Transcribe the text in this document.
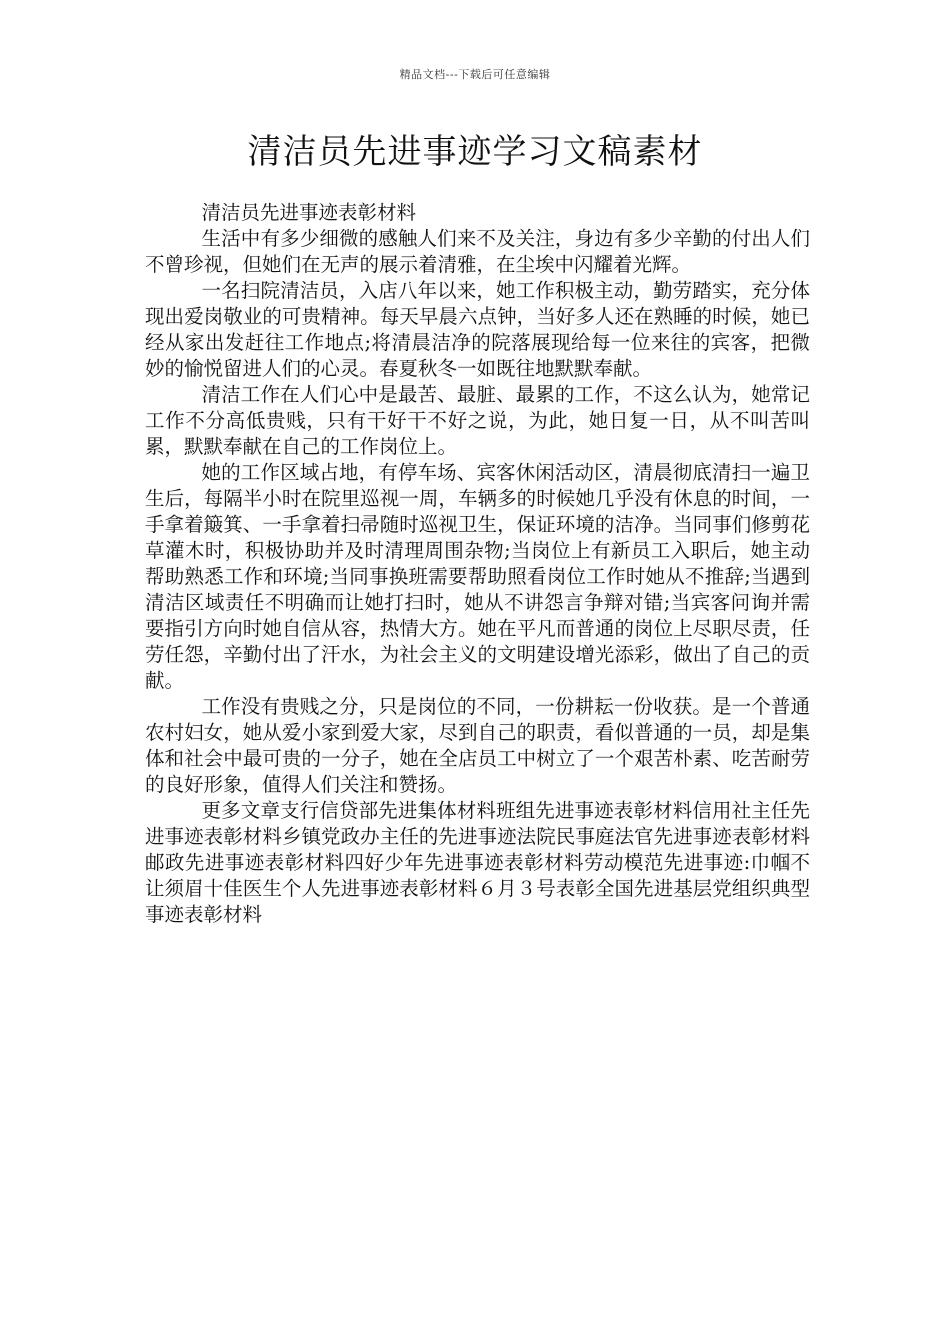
精品文档---下载后可任意编辑
清洁员先进事迹学习文稿素材

清洁员先进事迹表彰材料

生活中有多少细微的感触人们来不及关注，身边有多少辛勤的付出人们不曾珍视，但她们在无声的展示着清雅，在尘埃中闪耀着光辉。

一名扫院清洁员，入店八年以来，她工作积极主动，勤劳踏实，充分体现出爱岗敬业的可贵精神。每天早晨六点钟，当好多人还在熟睡的时候，她已经从家出发赶往工作地点;将清晨洁净的院落展现给每一位来往的宾客，把微妙的愉悦留进人们的心灵。春夏秋冬一如既往地默默奉献。

清洁工作在人们心中是最苦、最脏、最累的工作，不这么认为，她常记工作不分高低贵贱，只有干好干不好之说，为此，她日复一日，从不叫苦叫累，默默奉献在自己的工作岗位上。

她的工作区域占地，有停车场、宾客休闲活动区，清晨彻底清扫一遍卫生后，每隔半小时在院里巡视一周，车辆多的时候她几乎没有休息的时间，一手拿着簸箕、一手拿着扫帚随时巡视卫生，保证环境的洁净。当同事们修剪花草灌木时，积极协助并及时清理周围杂物;当岗位上有新员工入职后，她主动帮助熟悉工作和环境;当同事换班需要帮助照看岗位工作时她从不推辞;当遇到清洁区域责任不明确而让她打扫时，她从不讲怨言争辩对错;当宾客问询并需要指引方向时她自信从容，热情大方。她在平凡而普通的岗位上尽职尽责，任劳任怨，辛勤付出了汗水，为社会主义的文明建设增光添彩，做出了自己的贡献。

工作没有贵贱之分，只是岗位的不同，一份耕耘一份收获。是一个普通农村妇女，她从爱小家到爱大家，尽到自己的职责，看似普通的一员，却是集体和社会中最可贵的一分子，她在全店员工中树立了一个艰苦朴素、吃苦耐劳的良好形象，值得人们关注和赞扬。

更多文章支行信贷部先进集体材料班组先进事迹表彰材料信用社主任先进事迹表彰材料乡镇党政办主任的先进事迹法院民事庭法官先进事迹表彰材料邮政先进事迹表彰材料四好少年先进事迹表彰材料劳动模范先进事迹:巾帼不让须眉十佳医生个人先进事迹表彰材料６月３号表彰全国先进基层党组织典型事迹表彰材料
